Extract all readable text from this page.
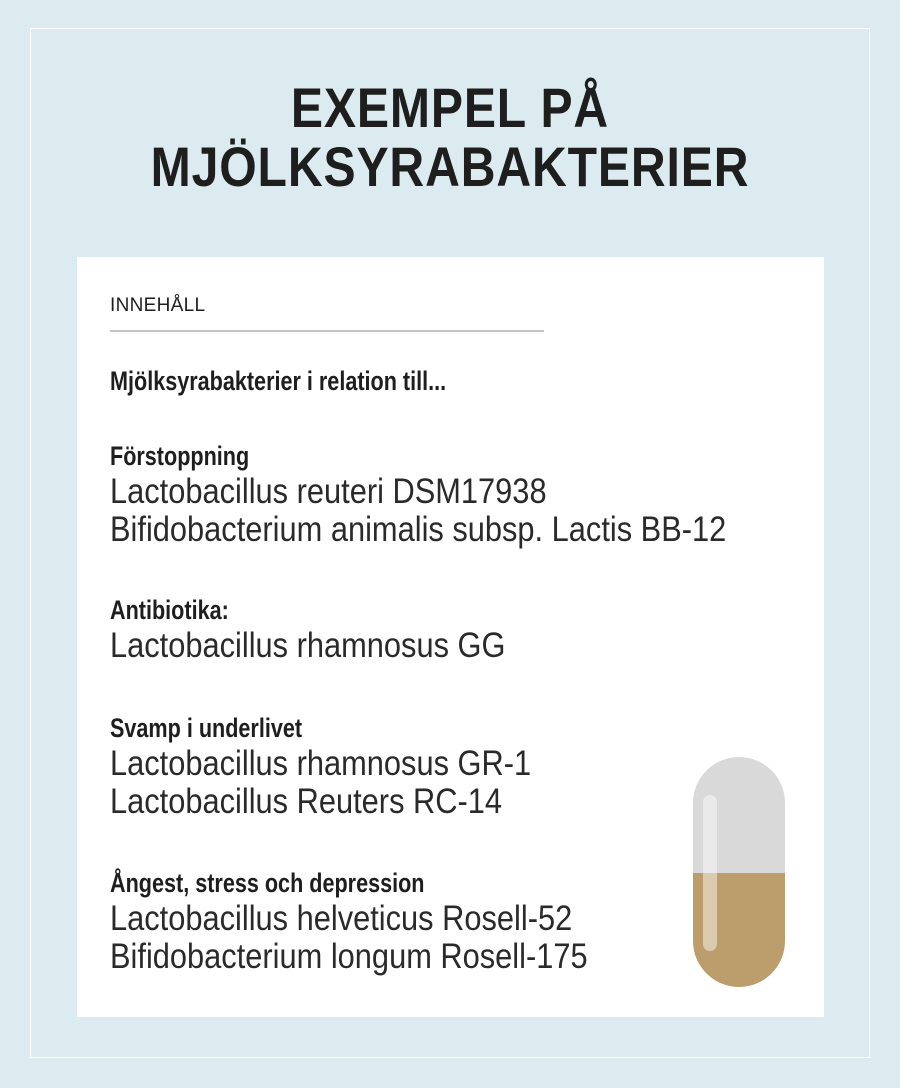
EXEMPEL PÅ
MJÖLKSYRABAKTERIER
INNEHÅLL
Mjölksyrabakterier i relation till...
Förstoppning
Lactobacillus reuteri DSM17938
Bifidobacterium animalis subsp. Lactis BB-12
Antibiotika:
Lactobacillus rhamnosus GG
Svamp i underlivet
Lactobacillus rhamnosus GR-1
Lactobacillus Reuters RC-14
Ångest, stress och depression
Lactobacillus helveticus Rosell-52
Bifidobacterium longum Rosell-175
